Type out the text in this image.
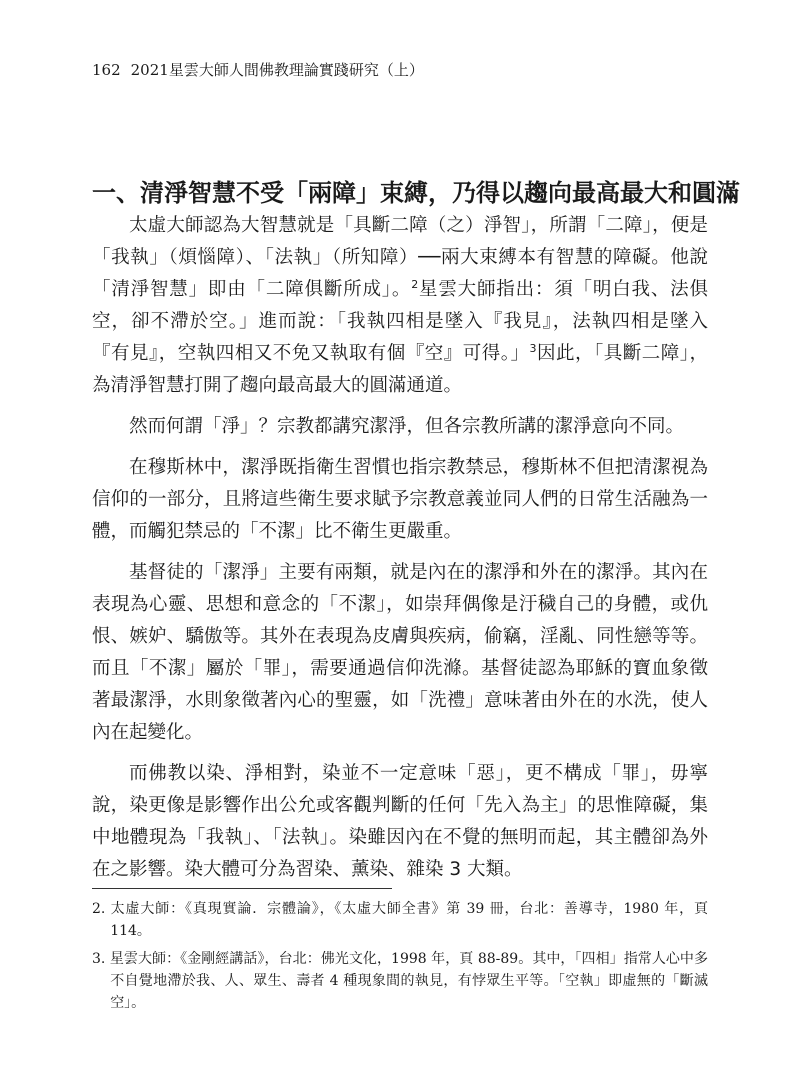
162 2021星雲大師人間佛教理論實踐研究（上）
一、清淨智慧不受「兩障」束縛，乃得以趨向最高最大和圓滿

太虛大師認為大智慧就是「具斷二障（之）淨智」，所謂「二障」，便是「我執」（煩惱障）、「法執」（所知障）──兩大束縛本有智慧的障礙。他說「清淨智慧」即由「二障俱斷所成」。$^2$星雲大師指出：須「明白我、法俱空，卻不滯於空。」進而說：「我執四相是墜入『我見』，法執四相是墜入『有見』，空執四相又不免又執取有個『空』可得。」$^3$因此，「具斷二障」，為清淨智慧打開了趨向最高最大的圓滿通道。

然而何謂「淨」？宗教都講究潔淨，但各宗教所講的潔淨意向不同。

在穆斯林中，潔淨既指衛生習慣也指宗教禁忌，穆斯林不但把清潔視為信仰的一部分，且將這些衛生要求賦予宗教意義並同人們的日常生活融為一體，而觸犯禁忌的「不潔」比不衛生更嚴重。

基督徒的「潔淨」主要有兩類，就是內在的潔淨和外在的潔淨。其內在表現為心靈、思想和意念的「不潔」，如崇拜偶像是汙穢自己的身體，或仇恨、嫉妒、驕傲等。其外在表現為皮膚與疾病，偷竊，淫亂、同性戀等等。而且「不潔」屬於「罪」，需要通過信仰洗滌。基督徒認為耶穌的寶血象徵著最潔淨，水則象徵著內心的聖靈，如「洗禮」意味著由外在的水洗，使人內在起變化。

而佛教以染、淨相對，染並不一定意味「惡」，更不構成「罪」，毋寧說，染更像是影響作出公允或客觀判斷的任何「先入為主」的思惟障礙，集中地體現為「我執」、「法執」。染雖因內在不覺的無明而起，其主體卻為外在之影響。染大體可分為習染、薰染、雜染 3 大類。

2. 太虛大師：《真現實論．宗體論》，《太虛大師全書》第 39 冊，台北：善導寺，1980 年，頁 114。

3. 星雲大師：《金剛經講話》，台北：佛光文化，1998 年，頁 88-89。其中，「四相」指常人心中多不自覺地滯於我、人、眾生、壽者 4 種現象間的執見，有悖眾生平等。「空執」即虛無的「斷滅空」。
